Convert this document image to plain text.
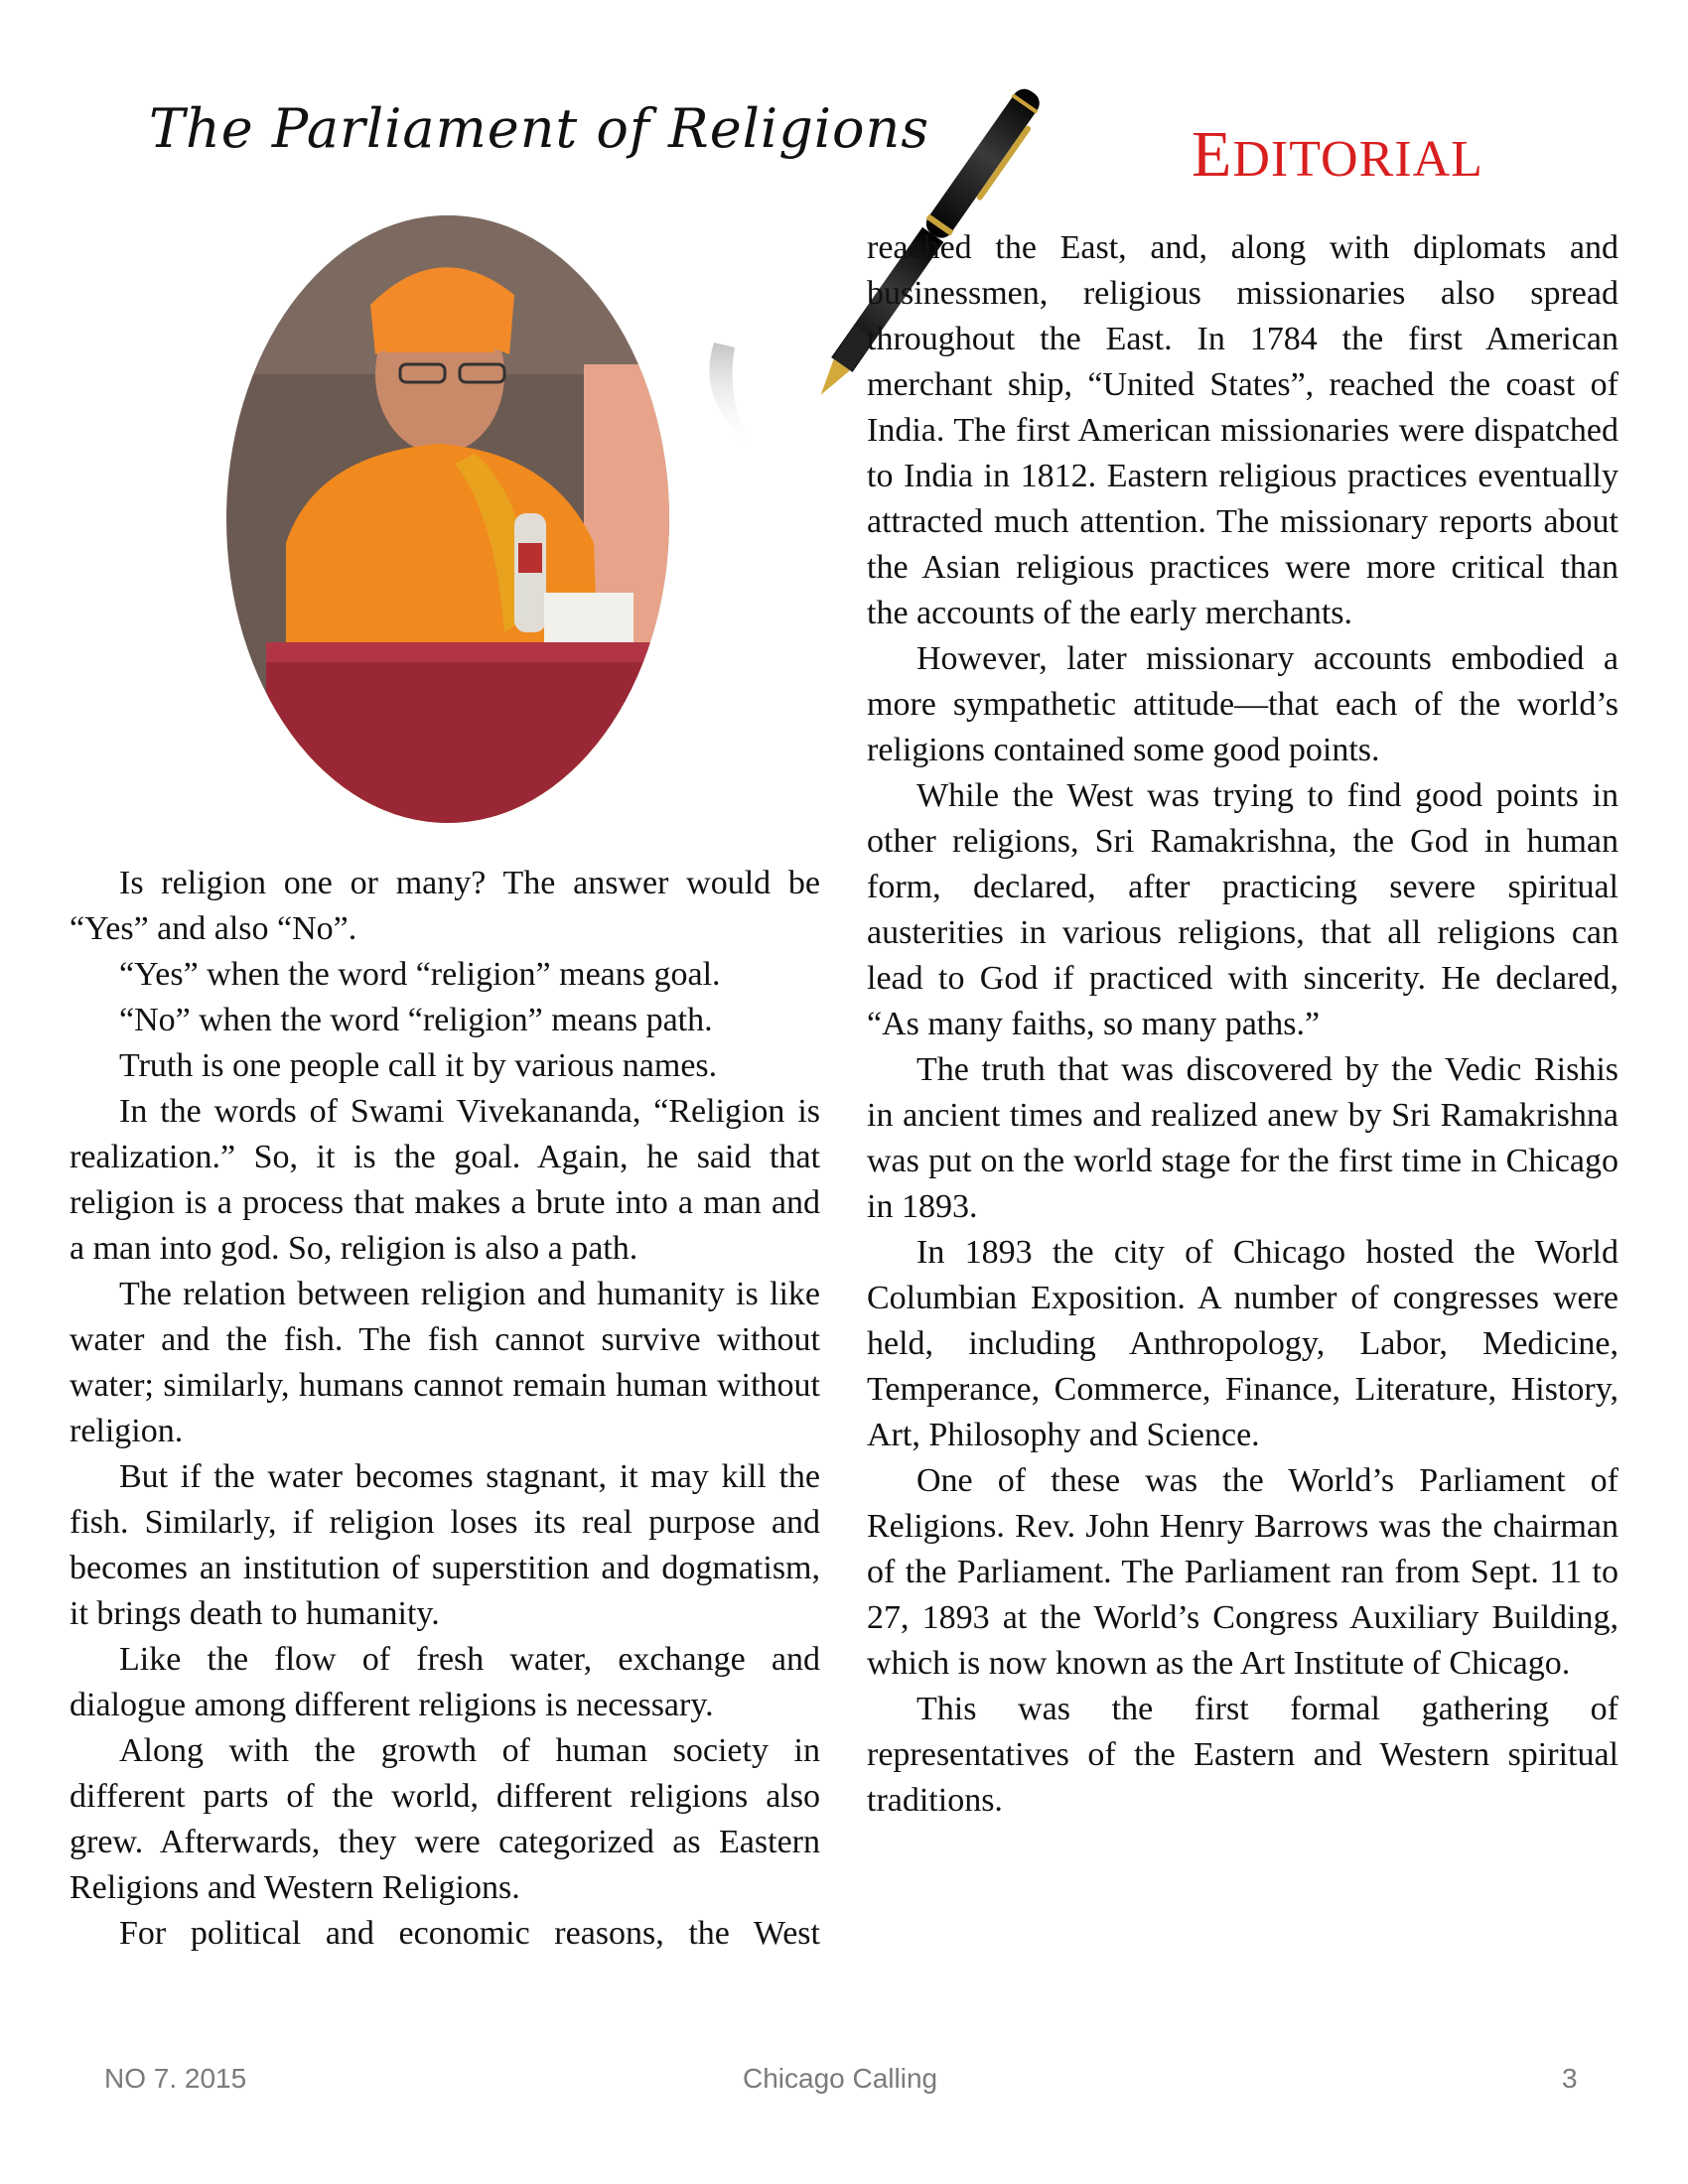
The Parliament of Religions	EDITORIAL

Is religion one or many? The answer would be “Yes” and also “No”.

“Yes” when the word “religion” means goal.

“No” when the word “religion” means path.

Truth is one people call it by various names.

In the words of Swami Vivekananda, “Religion is realization.” So, it is the goal. Again, he said that religion is a process that makes a brute into a man and a man into god. So, religion is also a path.

The relation between religion and humanity is like water and the fish. The fish cannot survive without water; similarly, humans cannot remain human without religion.

But if the water becomes stagnant, it may kill the fish. Similarly, if religion loses its real purpose and becomes an institution of superstition and dogmatism, it brings death to humanity.

Like the flow of fresh water, exchange and dialogue among different religions is necessary.

Along with the growth of human society in different parts of the world, different religions also grew. Afterwards, they were categorized as Eastern Religions and Western Religions.

For political and economic reasons, the West

reached the East, and, along with diplomats and businessmen, religious missionaries also spread throughout the East. In 1784 the first American merchant ship, “United States”, reached the coast of India. The first American missionaries were dispatched to India in 1812. Eastern religious practices eventually attracted much attention. The missionary reports about the Asian religious practices were more critical than the accounts of the early merchants.

However, later missionary accounts embodied a more sympathetic attitude—that each of the world’s religions contained some good points.

While the West was trying to find good points in other religions, Sri Ramakrishna, the God in human form, declared, after practicing severe spiritual austerities in various religions, that all religions can lead to God if practiced with sincerity. He declared, “As many faiths, so many paths.”

The truth that was discovered by the Vedic Rishis in ancient times and realized anew by Sri Ramakrishna was put on the world stage for the first time in Chicago in 1893.

In 1893 the city of Chicago hosted the World Columbian Exposition. A number of congresses were held, including Anthropology, Labor, Medicine, Temperance, Commerce, Finance, Literature, History, Art, Philosophy and Science.

One of these was the World’s Parliament of Religions. Rev. John Henry Barrows was the chairman of the Parliament. The Parliament ran from Sept. 11 to 27, 1893 at the World’s Congress Auxiliary Building, which is now known as the Art Institute of Chicago.

This was the first formal gathering of representatives of the Eastern and Western spiritual traditions.

NO 7. 2015	Chicago Calling	3
